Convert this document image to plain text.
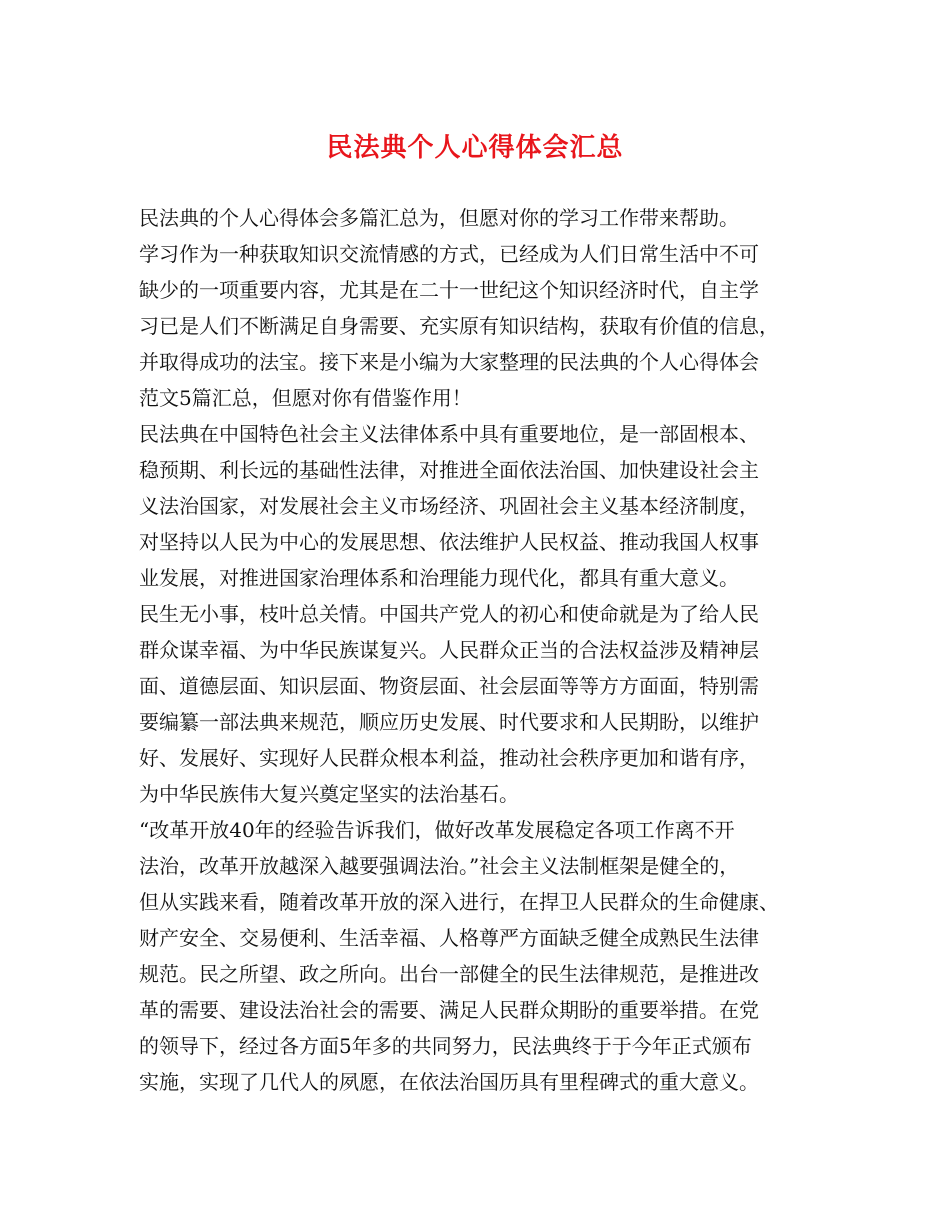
民法典个人心得体会汇总
民法典的个人心得体会多篇汇总为，但愿对你的学习工作带来帮助。
学习作为一种获取知识交流情感的方式，已经成为人们日常生活中不可
缺少的一项重要内容，尤其是在二十一世纪这个知识经济时代，自主学
习已是人们不断满足自身需要、充实原有知识结构，获取有价值的信息，
并取得成功的法宝。接下来是小编为大家整理的民法典的个人心得体会
范文5篇汇总，但愿对你有借鉴作用！
民法典在中国特色社会主义法律体系中具有重要地位，是一部固根本、
稳预期、利长远的基础性法律，对推进全面依法治国、加快建设社会主
义法治国家，对发展社会主义市场经济、巩固社会主义基本经济制度，
对坚持以人民为中心的发展思想、依法维护人民权益、推动我国人权事
业发展，对推进国家治理体系和治理能力现代化，都具有重大意义。
民生无小事，枝叶总关情。中国共产党人的初心和使命就是为了给人民
群众谋幸福、为中华民族谋复兴。人民群众正当的合法权益涉及精神层
面、道德层面、知识层面、物资层面、社会层面等等方方面面，特别需
要编纂一部法典来规范，顺应历史发展、时代要求和人民期盼，以维护
好、发展好、实现好人民群众根本利益，推动社会秩序更加和谐有序，
为中华民族伟大复兴奠定坚实的法治基石。
“改革开放40年的经验告诉我们，做好改革发展稳定各项工作离不开
法治，改革开放越深入越要强调法治。”社会主义法制框架是健全的，
但从实践来看，随着改革开放的深入进行，在捍卫人民群众的生命健康、
财产安全、交易便利、生活幸福、人格尊严方面缺乏健全成熟民生法律
规范。民之所望、政之所向。出台一部健全的民生法律规范，是推进改
革的需要、建设法治社会的需要、满足人民群众期盼的重要举措。在党
的领导下，经过各方面5年多的共同努力，民法典终于于今年正式颁布
实施，实现了几代人的夙愿，在依法治国历具有里程碑式的重大意义。
